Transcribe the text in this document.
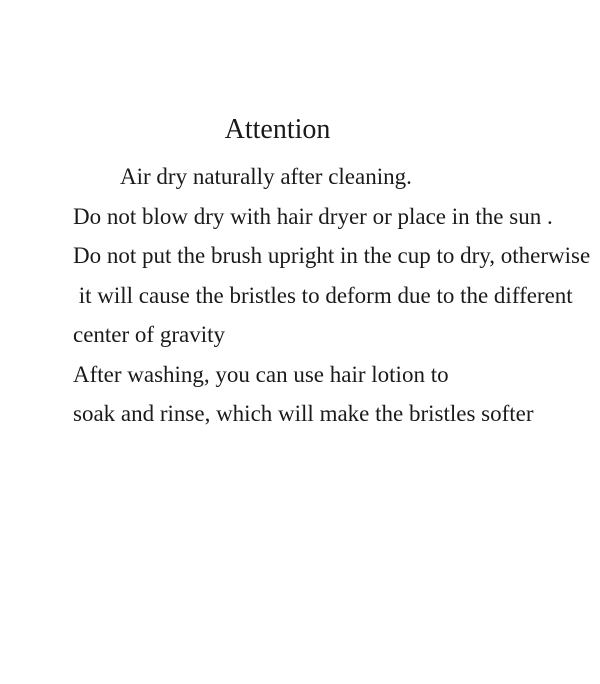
Attention
Air dry naturally after cleaning.
Do not blow dry with hair dryer or place in the sun .
Do not put the brush upright in the cup to dry, otherwise
it will cause the bristles to deform due to the different
center of gravity
After washing, you can use hair lotion to
soak and rinse, which will make the bristles softer
